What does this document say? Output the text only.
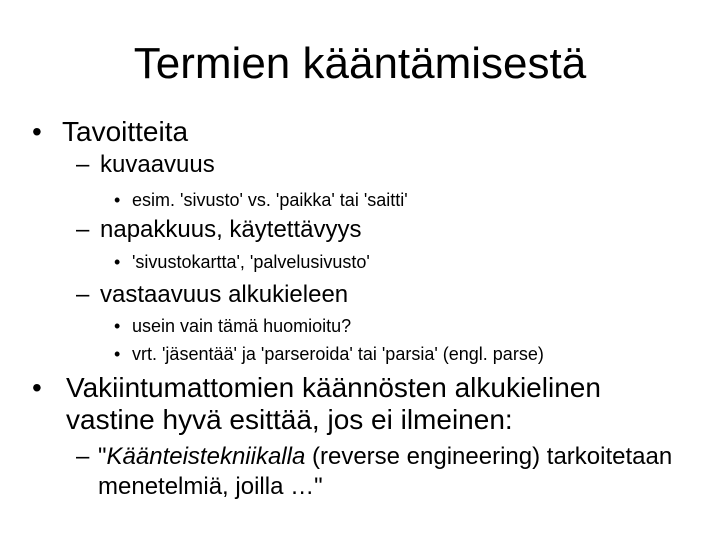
Termien kääntämisestä
• Tavoitteita
– kuvaavuus
• esim. 'sivusto' vs. 'paikka' tai 'saitti'
– napakkuus, käytettävyys
• 'sivustokartta', 'palvelusivusto'
– vastaavuus alkukieleen
• usein vain tämä huomioitu?
• vrt. 'jäsentää' ja 'parseroida' tai 'parsia' (engl. parse)
• Vakiintumattomien käännösten alkukielinen vastine hyvä esittää, jos ei ilmeinen:
– "Käänteistekniikalla (reverse engineering) tarkoitetaan menetelmiä, joilla …"
